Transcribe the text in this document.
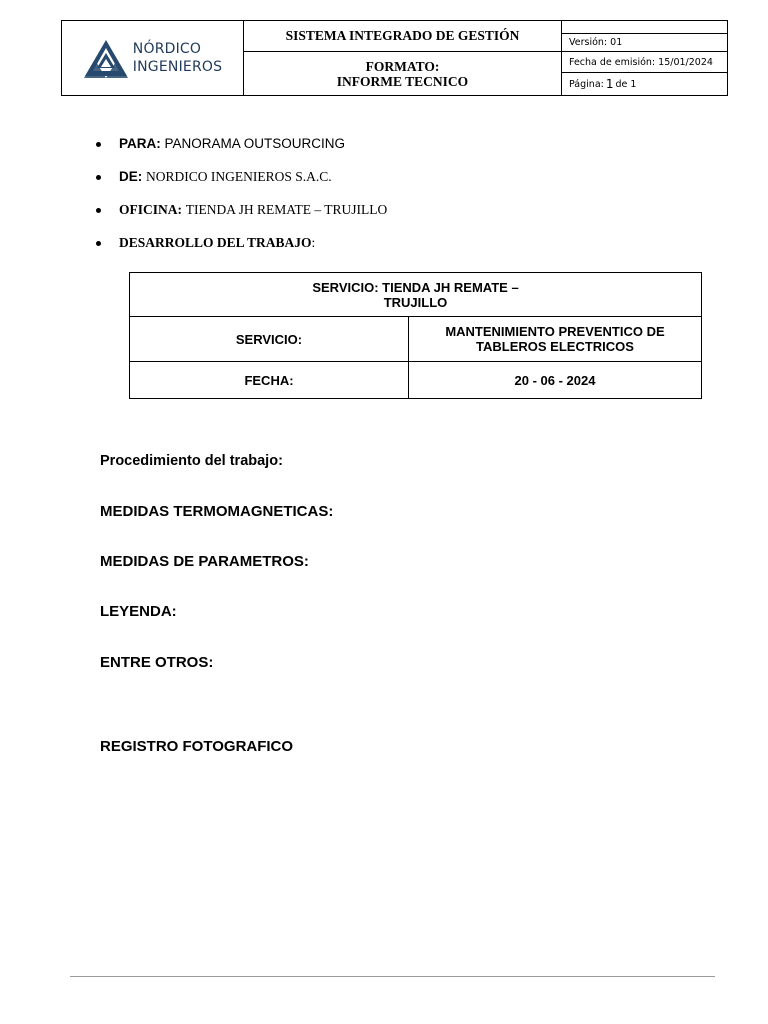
NÓRDICO
INGENIEROS
SISTEMA INTEGRADO DE GESTIÓN
FORMATO:
INFORME TECNICO
Versión: 01
Fecha de emisión: 15/01/2024
Página: 1 de 1
PARA: PANORAMA OUTSOURCING
DE: NORDICO INGENIEROS S.A.C.
OFICINA: TIENDA JH REMATE – TRUJILLO
DESARROLLO DEL TRABAJO:
SERVICIO: TIENDA JH REMATE –
TRUJILLO	

SERVICIO:	MANTENIMIENTO PREVENTICO DE
TABLEROS ELECTRICOS

FECHA:	20 - 06 - 2024

Procedimiento del trabajo:

MEDIDAS TERMOMAGNETICAS:

MEDIDAS DE PARAMETROS:

LEYENDA:

ENTRE OTROS:

REGISTRO FOTOGRAFICO
